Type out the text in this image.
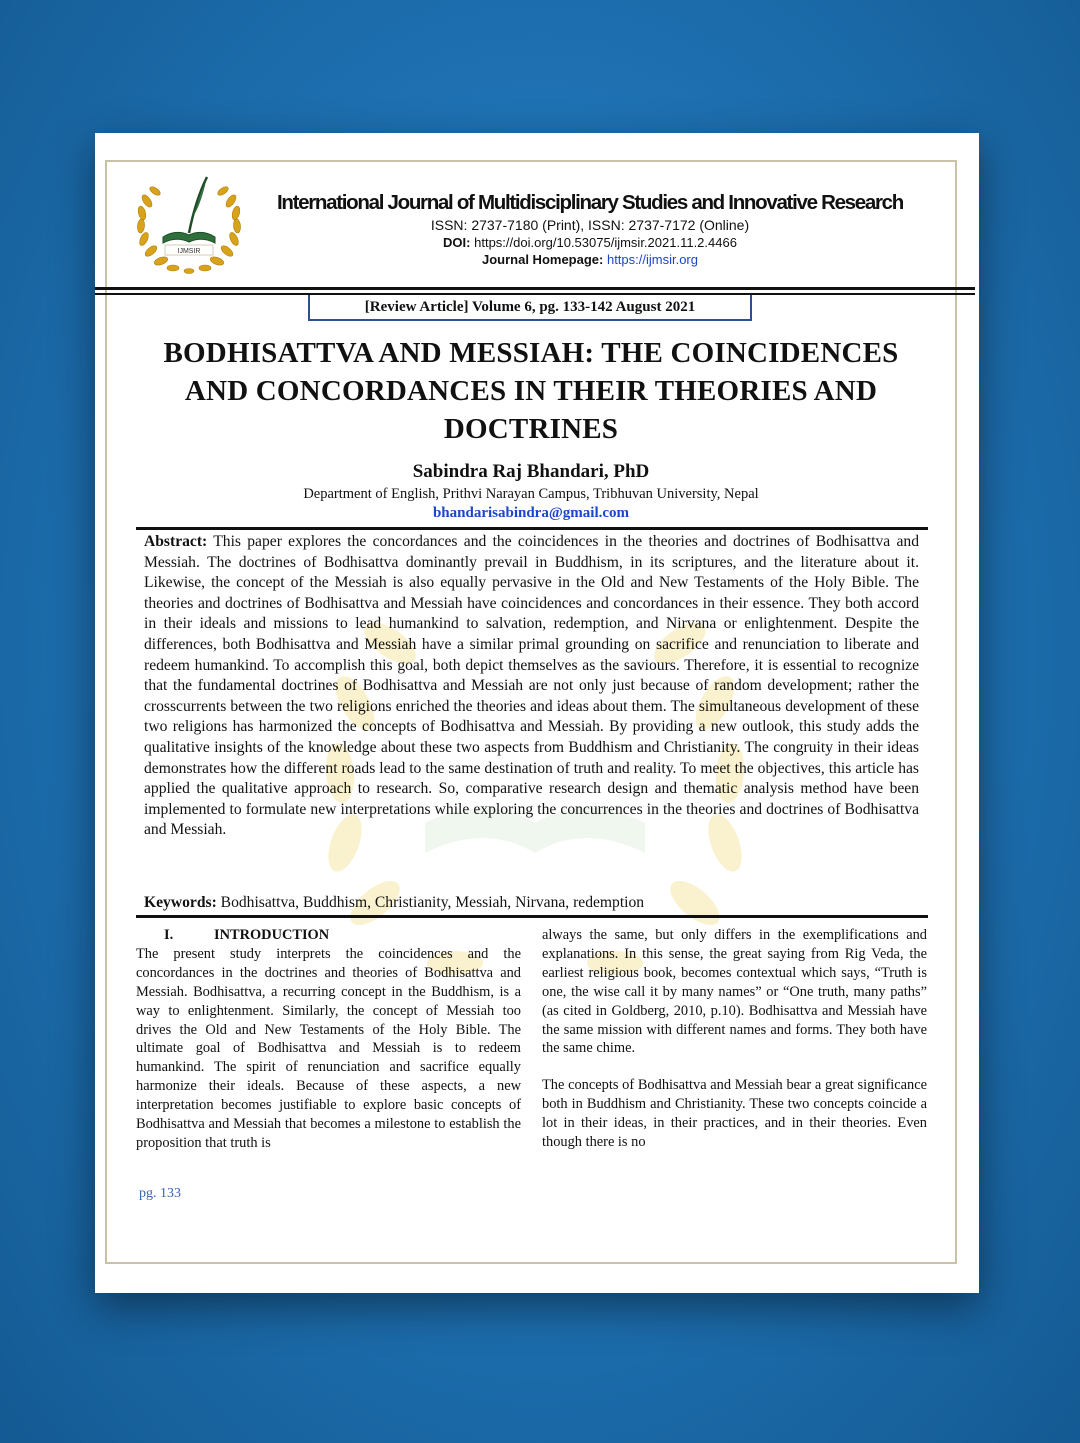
IJMSIR
International Journal of Multidisciplinary Studies and Innovative Research
ISSN: 2737-7180 (Print), ISSN: 2737-7172 (Online)
DOI: https://doi.org/10.53075/ijmsir.2021.11.2.4466
Journal Homepage: https://ijmsir.org
[Review Article] Volume 6, pg. 133-142 August 2021
BODHISATTVA AND MESSIAH: THE COINCIDENCES
AND CONCORDANCES IN THEIR THEORIES AND
DOCTRINES
Sabindra Raj Bhandari, PhD
Department of English, Prithvi Narayan Campus, Tribhuvan University, Nepal
bhandarisabindra@gmail.com
Abstract: This paper explores the concordances and the coincidences in the theories and doctrines of Bodhisattva and Messiah. The doctrines of Bodhisattva dominantly prevail in Buddhism, in its scriptures, and the literature about it. Likewise, the concept of the Messiah is also equally pervasive in the Old and New Testaments of the Holy Bible. The theories and doctrines of Bodhisattva and Messiah have coincidences and concordances in their essence. They both accord in their ideals and missions to lead humankind to salvation, redemption, and Nirvana or enlightenment. Despite the differences, both Bodhisattva and Messiah have a similar primal grounding on sacrifice and renunciation to liberate and redeem humankind. To accomplish this goal, both depict themselves as the saviours. Therefore, it is essential to recognize that the fundamental doctrines of Bodhisattva and Messiah are not only just because of random development; rather the crosscurrents between the two religions enriched the theories and ideas about them. The simultaneous development of these two religions has harmonized the concepts of Bodhisattva and Messiah. By providing a new outlook, this study adds the qualitative insights of the knowledge about these two aspects from Buddhism and Christianity. The congruity in their ideas demonstrates how the different roads lead to the same destination of truth and reality. To meet the objectives, this article has applied the qualitative approach to research. So, comparative research design and thematic analysis method have been implemented to formulate new interpretations while exploring the concurrences in the theories and doctrines of Bodhisattva and Messiah.
Keywords: Bodhisattva, Buddhism, Christianity, Messiah, Nirvana, redemption
I.	INTRODUCTION

The present study interprets the coincidences and the concordances in the doctrines and theories of Bodhisattva and Messiah. Bodhisattva, a recurring concept in the Buddhism, is a way to enlightenment. Similarly, the concept of Messiah too drives the Old and New Testaments of the Holy Bible. The ultimate goal of Bodhisattva and Messiah is to redeem humankind. The spirit of renunciation and sacrifice equally harmonize their ideals. Because of these aspects, a new interpretation becomes justifiable to explore basic concepts of Bodhisattva and Messiah that becomes a milestone to establish the proposition that truth is

always the same, but only differs in the exemplifications and explanations. In this sense, the great saying from Rig Veda, the earliest religious book, becomes contextual which says, “Truth is one, the wise call it by many names” or “One truth, many paths” (as cited in Goldberg, 2010, p.10). Bodhisattva and Messiah have the same mission with different names and forms. They both have the same chime.

The concepts of Bodhisattva and Messiah bear a great significance both in Buddhism and Christianity. These two concepts coincide a lot in their ideas, in their practices, and in their theories. Even though there is no

pg. 133
